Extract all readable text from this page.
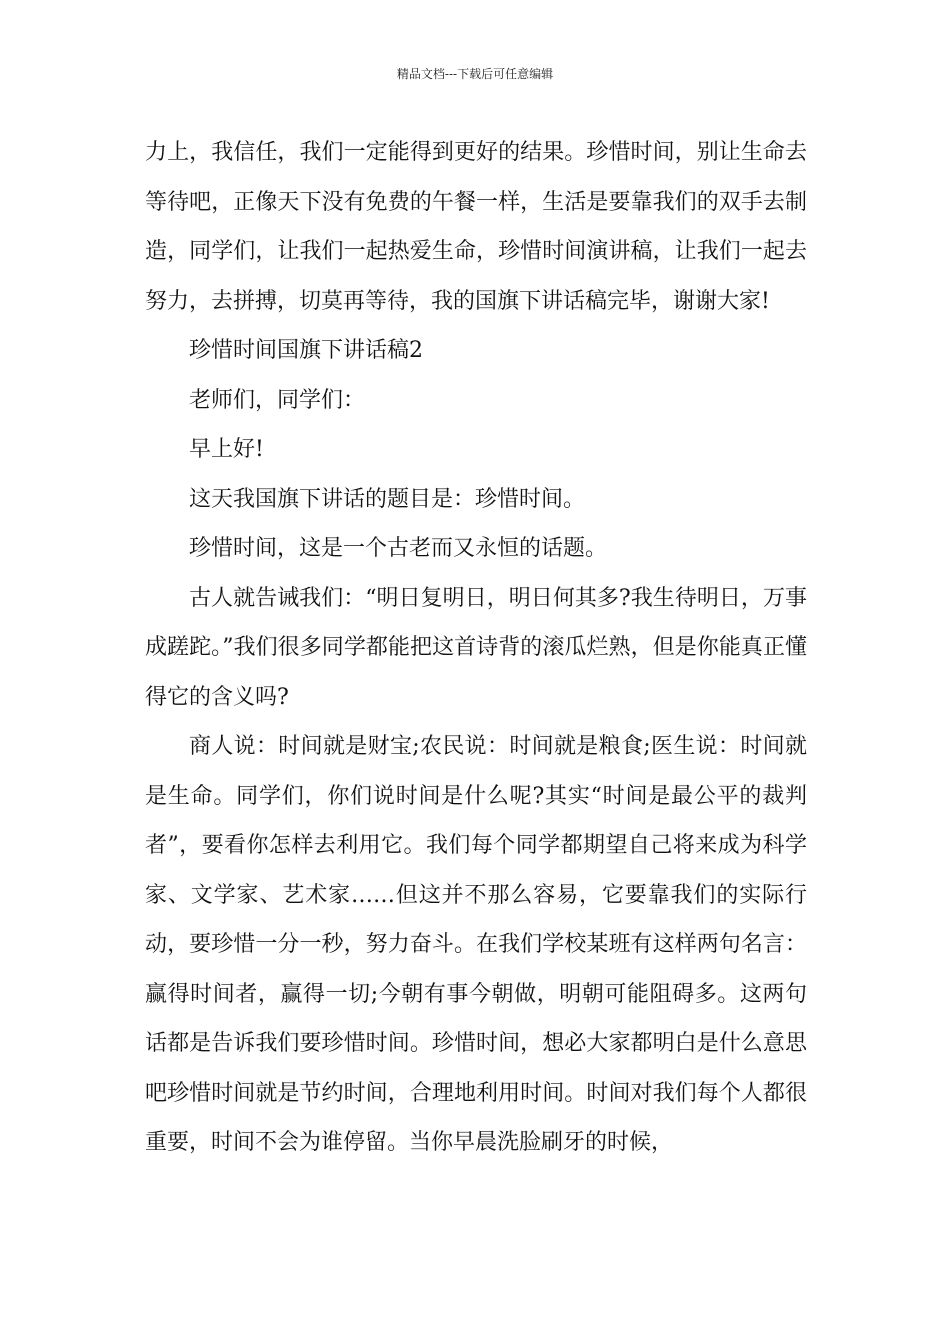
精品文档---下载后可任意编辑

力上，我信任，我们一定能得到更好的结果。珍惜时间，别让生命去等待吧，正像天下没有免费的午餐一样，生活是要靠我们的双手去制造，同学们，让我们一起热爱生命，珍惜时间演讲稿，让我们一起去努力，去拼搏，切莫再等待，我的国旗下讲话稿完毕，谢谢大家!

珍惜时间国旗下讲话稿2

老师们，同学们：

早上好!

这天我国旗下讲话的题目是：珍惜时间。

珍惜时间，这是一个古老而又永恒的话题。

古人就告诫我们：“明日复明日，明日何其多?我生待明日，万事成蹉跎。”我们很多同学都能把这首诗背的滚瓜烂熟，但是你能真正懂得它的含义吗?

商人说：时间就是财宝;农民说：时间就是粮食;医生说：时间就是生命。同学们，你们说时间是什么呢?其实“时间是最公平的裁判者”，要看你怎样去利用它。我们每个同学都期望自己将来成为科学家、文学家、艺术家……但这并不那么容易，它要靠我们的实际行动，要珍惜一分一秒，努力奋斗。在我们学校某班有这样两句名言：赢得时间者，赢得一切;今朝有事今朝做，明朝可能阻碍多。这两句话都是告诉我们要珍惜时间。珍惜时间，想必大家都明白是什么意思吧珍惜时间就是节约时间，合理地利用时间。时间对我们每个人都很重要，时间不会为谁停留。当你早晨洗脸刷牙的时候，
